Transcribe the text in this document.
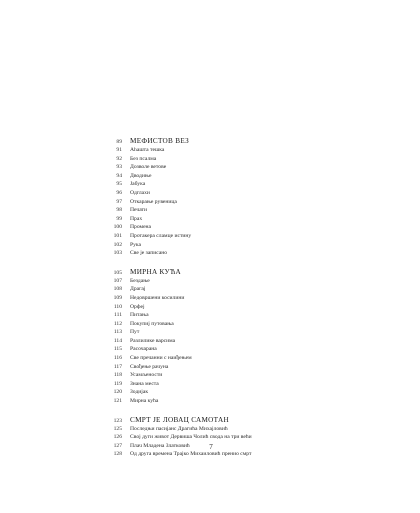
89 МЕФИСТОВ ВЕЗ
91 Ahaшта тешка
92 Без псалма
93 Дозволе ветове
94 Дводиње
95 Јабука
96 Одглахи
97 Откарање рувеница
98 Печати
99 Прах
100 Промена
101 Протакера сламце истину
102 Рука
103 Све је записано
105 МИРНА КУЋА
107 Бездање
108 Драгај
109 Недовршени косилини
110 Орфеј
111 Питања
112 Покупиј путовања
113 Пут
114 Разлилике варсима
115 Расочарана
116 Све пречанни с наиђењем
117 Свођење рачуна
118 Усамљености
119 Знана места
120 Зодијак
121 Мирна кућа
123 СМРТ ЈЕ ЛОВАЦ САМОТАН
125 Последњи пасијанс Драгића Михајловић
126 Свој дуги живот Дервиша Чолић свода на три већи
127 Плач Младена Златковић
128 Од друга времена Трајко Михаиловић пренио смрт
7
